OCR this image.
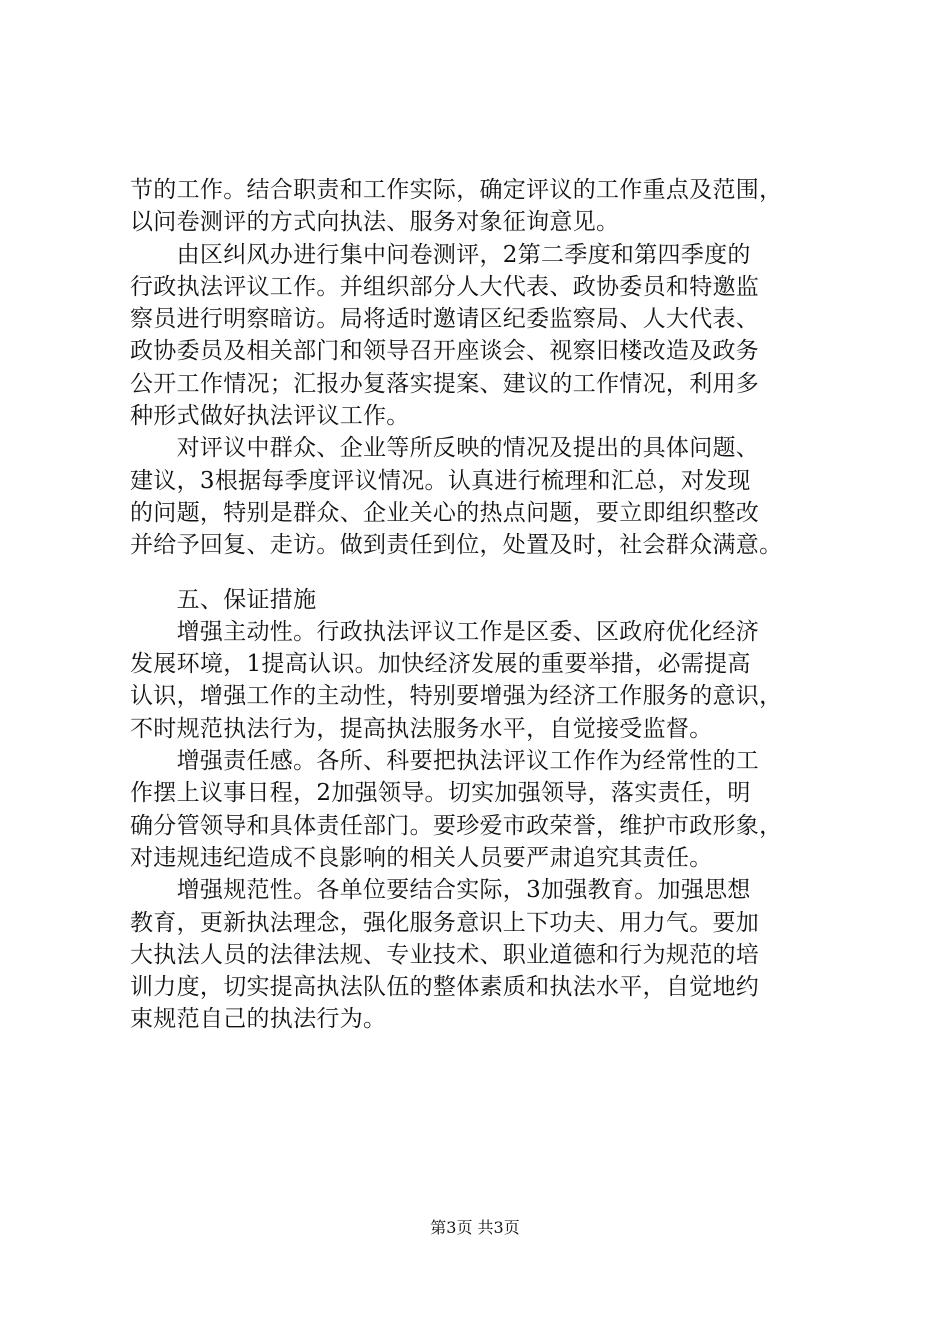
节的工作。结合职责和工作实际，确定评议的工作重点及范围，
以问卷测评的方式向执法、服务对象征询意见。
　　由区纠风办进行集中问卷测评，2第二季度和第四季度的
行政执法评议工作。并组织部分人大代表、政协委员和特邀监
察员进行明察暗访。局将适时邀请区纪委监察局、人大代表、
政协委员及相关部门和领导召开座谈会、视察旧楼改造及政务
公开工作情况；汇报办复落实提案、建议的工作情况，利用多
种形式做好执法评议工作。
　　对评议中群众、企业等所反映的情况及提出的具体问题、
建议，3根据每季度评议情况。认真进行梳理和汇总，对发现
的问题，特别是群众、企业关心的热点问题，要立即组织整改
并给予回复、走访。做到责任到位，处置及时，社会群众满意。
　　五、保证措施
　　增强主动性。行政执法评议工作是区委、区政府优化经济
发展环境，1提高认识。加快经济发展的重要举措，必需提高
认识，增强工作的主动性，特别要增强为经济工作服务的意识，
不时规范执法行为，提高执法服务水平，自觉接受监督。
　　增强责任感。各所、科要把执法评议工作作为经常性的工
作摆上议事日程，2加强领导。切实加强领导，落实责任，明
确分管领导和具体责任部门。要珍爱市政荣誉，维护市政形象，
对违规违纪造成不良影响的相关人员要严肃追究其责任。
　　增强规范性。各单位要结合实际，3加强教育。加强思想
教育，更新执法理念，强化服务意识上下功夫、用力气。要加
大执法人员的法律法规、专业技术、职业道德和行为规范的培
训力度，切实提高执法队伍的整体素质和执法水平，自觉地约
束规范自己的执法行为。
第3页 共3页
